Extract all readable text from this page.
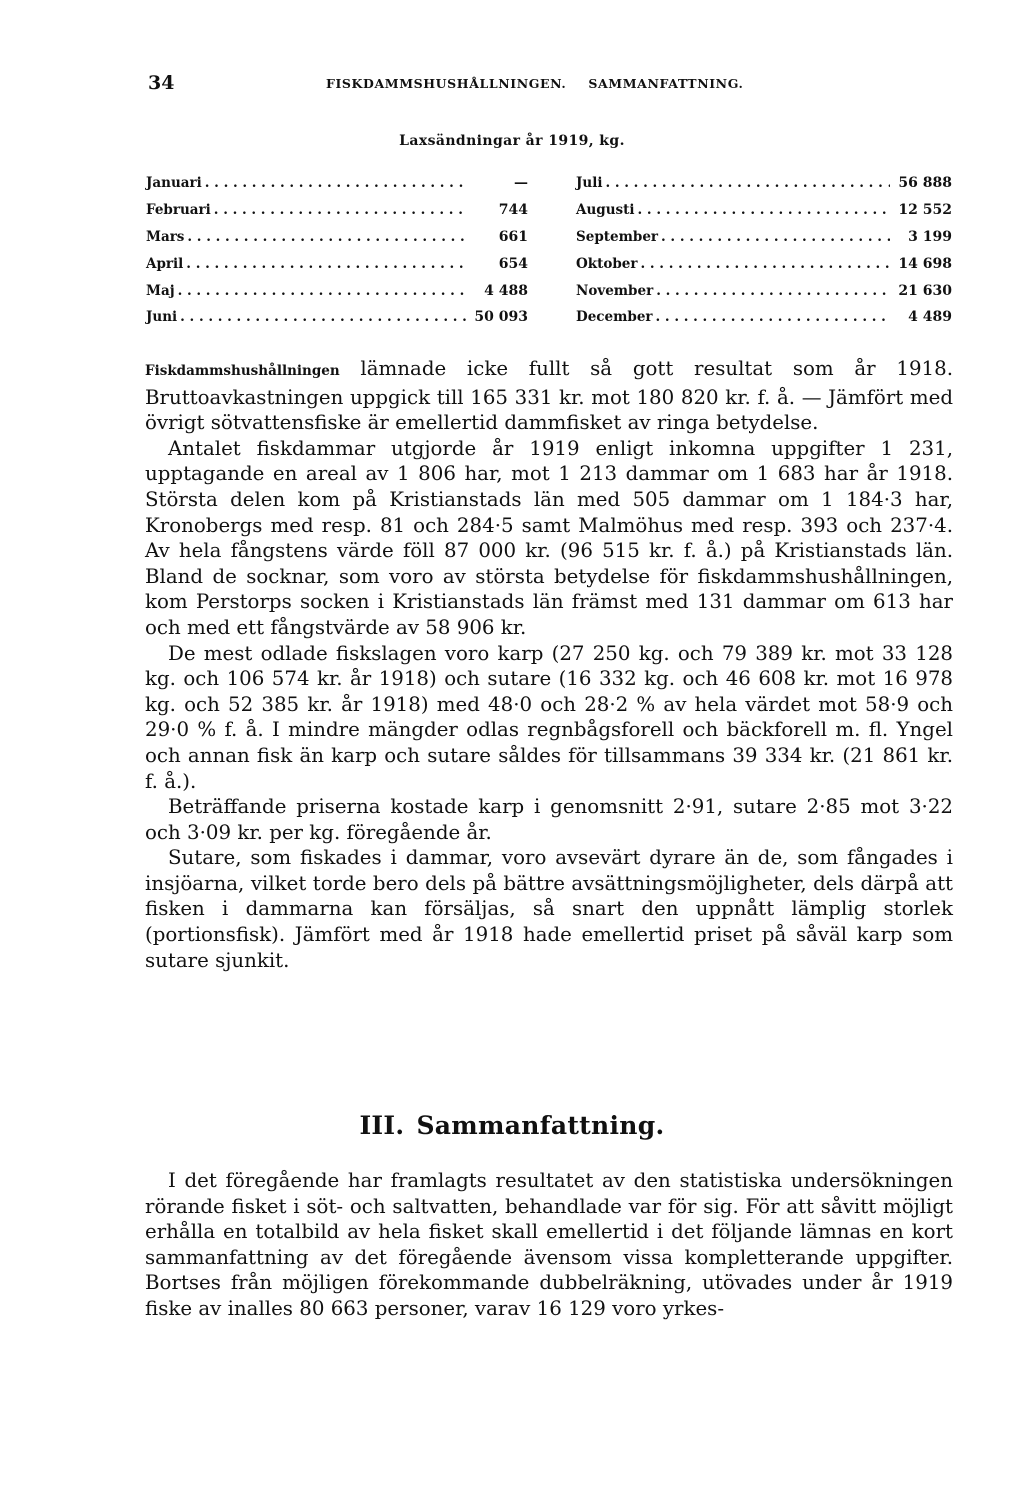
34	FISKDAMMSHUSHÅLLNINGEN. SAMMANFATTNING.
Laxsändningar år 1919, kg.
Januari . . .	—
Februari . . .	744
Mars . . .	661
April . . .	654
Maj . . .	4 488
Juni . . .	50 093
Juli . . .	56 888
Augusti . . .	12 552
September . . .	3 199
Oktober . . .	14 698
November . . .	21 630
December . . .	4 489

Fiskdammshushållningen lämnade icke fullt så gott resultat som år 1918. Bruttoavkastningen uppgick till 165 331 kr. mot 180 820 kr. f. å. — Jämfört med övrigt sötvattensfiske är emellertid dammfisket av ringa betydelse.

Antalet fiskdammar utgjorde år 1919 enligt inkomna uppgifter 1 231, upptagande en areal av 1 806 har, mot 1 213 dammar om 1 683 har år 1918. Största delen kom på Kristianstads län med 505 dammar om 1 184·3 har, Kronobergs med resp. 81 och 284·5 samt Malmöhus med resp. 393 och 237·4. Av hela fångstens värde föll 87 000 kr. (96 515 kr. f. å.) på Kristianstads län. Bland de socknar, som voro av största betydelse för fiskdammshushållningen, kom Perstorps socken i Kristianstads län främst med 131 dammar om 613 har och med ett fångstvärde av 58 906 kr.

De mest odlade fiskslagen voro karp (27 250 kg. och 79 389 kr. mot 33 128 kg. och 106 574 kr. år 1918) och sutare (16 332 kg. och 46 608 kr. mot 16 978 kg. och 52 385 kr. år 1918) med 48·0 och 28·2 % av hela värdet mot 58·9 och 29·0 % f. å. I mindre mängder odlas regnbågsforell och bäckforell m. fl. Yngel och annan fisk än karp och sutare såldes för tillsammans 39 334 kr. (21 861 kr. f. å.).

Beträffande priserna kostade karp i genomsnitt 2·91, sutare 2·85 mot 3·22 och 3·09 kr. per kg. föregående år.

Sutare, som fiskades i dammar, voro avsevärt dyrare än de, som fångades i insjöarna, vilket torde bero dels på bättre avsättningsmöjligheter, dels därpå att fisken i dammarna kan försäljas, så snart den uppnått lämplig storlek (portionsfisk). Jämfört med år 1918 hade emellertid priset på såväl karp som sutare sjunkit.

III. Sammanfattning.

I det föregående har framlagts resultatet av den statistiska undersökningen rörande fisket i söt- och saltvatten, behandlade var för sig. För att såvitt möjligt erhålla en totalbild av hela fisket skall emellertid i det följande lämnas en kort sammanfattning av det föregående ävensom vissa kompletterande uppgifter. Bortses från möjligen förekommande dubbelräkning, utövades under år 1919 fiske av inalles 80 663 personer, varav 16 129 voro yrkes-
